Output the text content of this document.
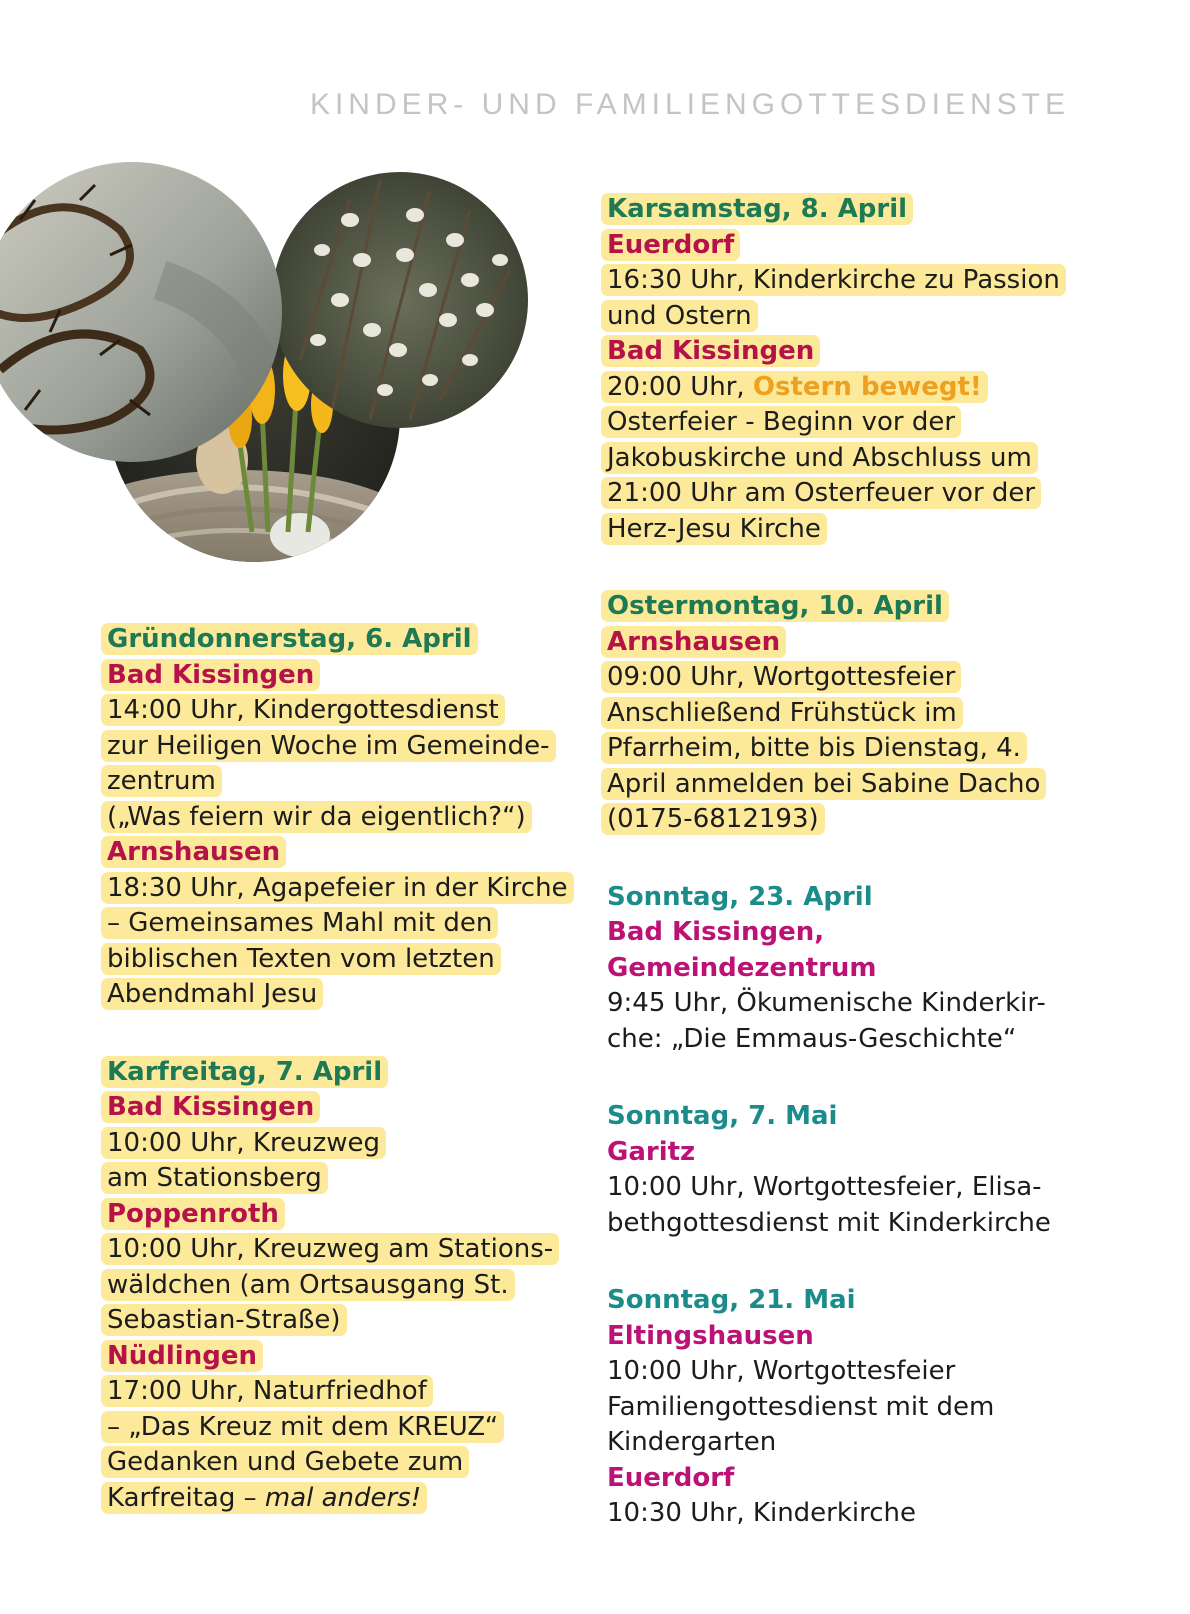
KINDER- UND FAMILIENGOTTESDIENSTE
Gründonnerstag, 6. April
Bad Kissingen
14:00 Uhr, Kindergottesdienst
zur Heiligen Woche im Gemeinde-
zentrum
(„Was feiern wir da eigentlich?“)
Arnshausen
18:30 Uhr, Agapefeier in der Kirche
– Gemeinsames Mahl mit den
biblischen Texten vom letzten
Abendmahl Jesu
Karfreitag, 7. April
Bad Kissingen
10:00 Uhr, Kreuzweg
am Stationsberg
Poppenroth
10:00 Uhr, Kreuzweg am Stations-
wäldchen (am Ortsausgang St.
Sebastian-Straße)
Nüdlingen
17:00 Uhr, Naturfriedhof
– „Das Kreuz mit dem KREUZ“
Gedanken und Gebete zum
Karfreitag – mal anders!
Karsamstag, 8. April
Euerdorf
16:30 Uhr, Kinderkirche zu Passion
und Ostern
Bad Kissingen
20:00 Uhr, Ostern bewegt!
Osterfeier - Beginn vor der
Jakobuskirche und Abschluss um
21:00 Uhr am Osterfeuer vor der
Herz-Jesu Kirche
Ostermontag, 10. April
Arnshausen
09:00 Uhr, Wortgottesfeier
Anschließend Frühstück im
Pfarrheim, bitte bis Dienstag, 4.
April anmelden bei Sabine Dacho
(0175-6812193)
Sonntag, 23. April
Bad Kissingen,
Gemeindezentrum
9:45 Uhr, Ökumenische Kinderkir-
che: „Die Emmaus-Geschichte“
Sonntag, 7. Mai
Garitz
10:00 Uhr, Wortgottesfeier, Elisa-
bethgottesdienst mit Kinderkirche
Sonntag, 21. Mai
Eltingshausen
10:00 Uhr, Wortgottesfeier
Familiengottesdienst mit dem
Kindergarten
Euerdorf
10:30 Uhr, Kinderkirche
